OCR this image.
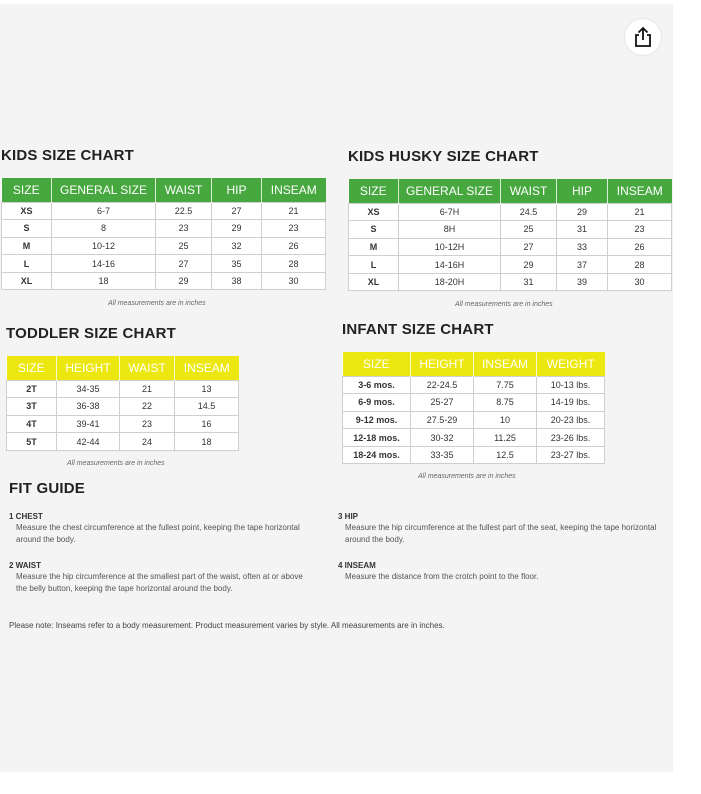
KIDS SIZE CHART
SIZE	GENERAL SIZE	WAIST	HIP	INSEAM
XS	6-7	22.5	27	21
S	8	23	29	23
M	10-12	25	32	26
L	14-16	27	35	28
XL	18	29	38	30
All measurements are in inches
KIDS HUSKY SIZE CHART
SIZE	GENERAL SIZE	WAIST	HIP	INSEAM
XS	6-7H	24.5	29	21
S	8H	25	31	23
M	10-12H	27	33	26
L	14-16H	29	37	28
XL	18-20H	31	39	30
All measurements are in inches
TODDLER SIZE CHART
SIZE	HEIGHT	WAIST	INSEAM
2T	34-35	21	13
3T	36-38	22	14.5
4T	39-41	23	16
5T	42-44	24	18
All measurements are in inches
INFANT SIZE CHART
SIZE	HEIGHT	INSEAM	WEIGHT
3-6 mos.	22-24.5	7.75	10-13 lbs.
6-9 mos.	25-27	8.75	14-19 lbs.
9-12 mos.	27.5-29	10	20-23 lbs.
12-18 mos.	30-32	11.25	23-26 lbs.
18-24 mos.	33-35	12.5	23-27 lbs.
All measurements are in inches
FIT GUIDE
1 CHEST
Measure the chest circumference at the fullest point, keeping the tape horizontal around the body.
2 WAIST
Measure the hip circumference at the smallest part of the waist, often at or above the belly button, keeping the tape horizontal around the body.
3 HIP
Measure the hip circumference at the fullest part of the seat, keeping the tape horizontal around the body.
4 INSEAM
Measure the distance from the crotch point to the floor.
Please note: Inseams refer to a body measurement. Product measurement varies by style. All measurements are in inches.
